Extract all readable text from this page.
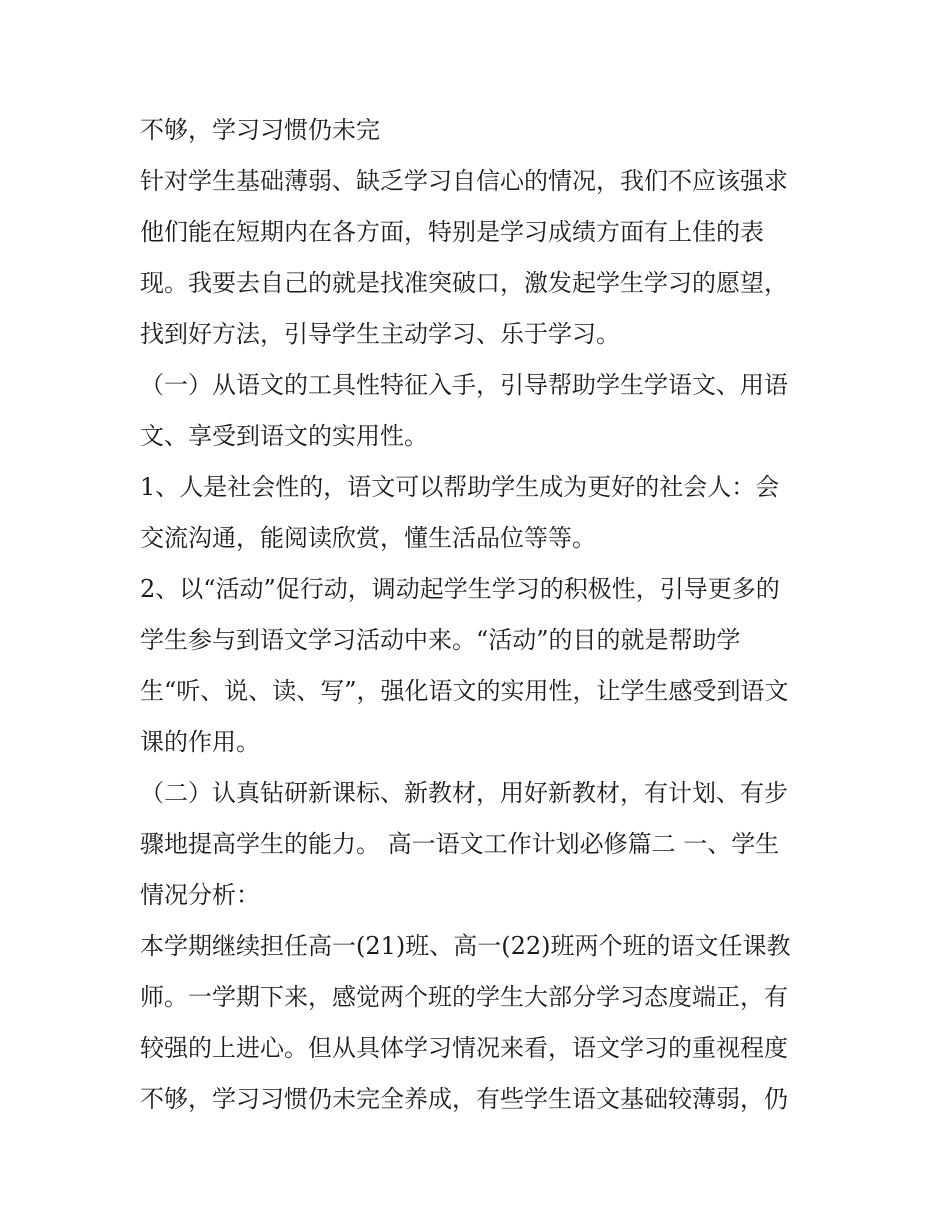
不够，学习习惯仍未完
针对学生基础薄弱、缺乏学习自信心的情况，我们不应该强求
他们能在短期内在各方面，特别是学习成绩方面有上佳的表
现。我要去自己的就是找准突破口，激发起学生学习的愿望，
找到好方法，引导学生主动学习、乐于学习。
（一）从语文的工具性特征入手，引导帮助学生学语文、用语
文、享受到语文的实用性。
1、人是社会性的，语文可以帮助学生成为更好的社会人：会
交流沟通，能阅读欣赏，懂生活品位等等。
2、以“活动”促行动，调动起学生学习的积极性，引导更多的
学生参与到语文学习活动中来。“活动”的目的就是帮助学
生“听、说、读、写”，强化语文的实用性，让学生感受到语文
课的作用。
（二）认真钻研新课标、新教材，用好新教材，有计划、有步
骤地提高学生的能力。 高一语文工作计划必修篇二 一、学生
情况分析：
本学期继续担任高一(21)班、高一(22)班两个班的语文任课教
师。一学期下来，感觉两个班的学生大部分学习态度端正，有
较强的上进心。但从具体学习情况来看，语文学习的重视程度
不够，学习习惯仍未完全养成，有些学生语文基础较薄弱，仍
